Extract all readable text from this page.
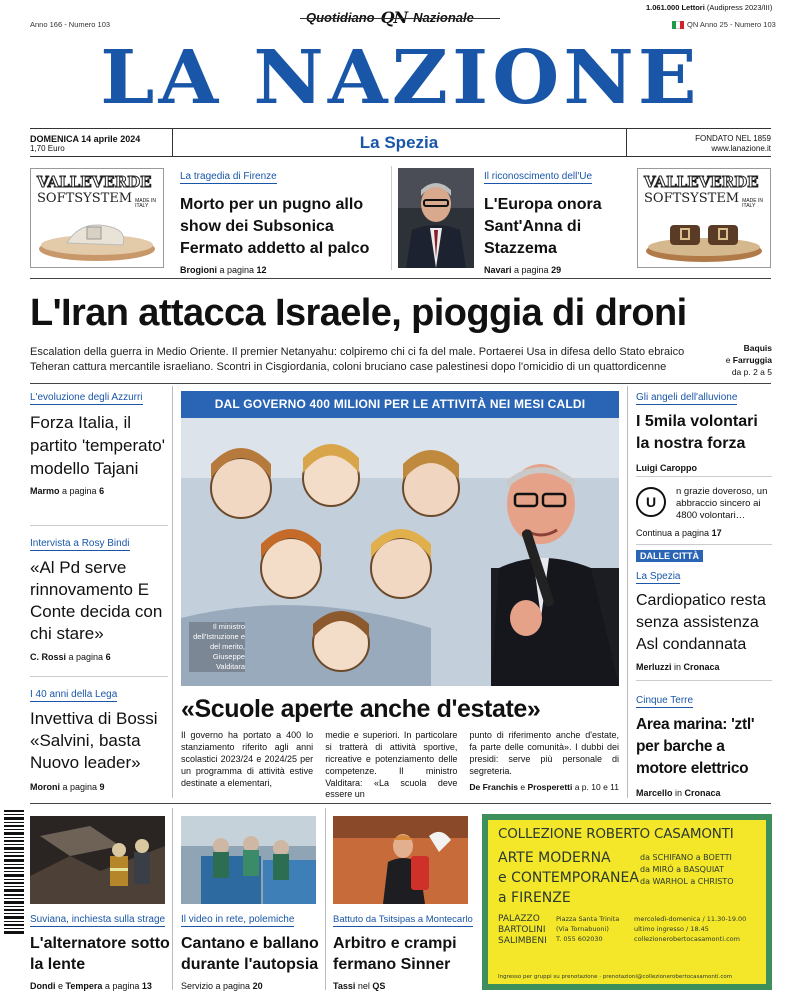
Anno 166 - Numero 103	Quotidiano QN Nazionale
1.061.000 Lettori (Audipress 2023/III)
QN Anno 25 - Numero 103
LA NAZIONE
DOMENICA 14 aprile 2024
1,70 Euro	La Spezia	FONDATO NEL 1859
www.lanazione.it
VALLEVERDE
SOFTSYSTEM MADE IN ITALY
La tragedia di Firenze
Morto per un pugno allo show dei Subsonica Fermato addetto al palco
Brogioni a pagina 12
Il riconoscimento dell'Ue
L'Europa onora Sant'Anna di Stazzema
Navari a pagina 29
VALLEVERDE
SOFTSYSTEM MADE IN ITALY
L'Iran attacca Israele, pioggia di droni
Escalation della guerra in Medio Oriente. Il premier Netanyahu: colpiremo chi ci fa del male. Portaerei Usa in difesa dello Stato ebraico Teheran cattura mercantile israeliano. Scontri in Cisgiordania, coloni bruciano case palestinesi dopo l'omicidio di un quattordicenne
Baquis
e Farruggia
da p. 2 a 5
L'evoluzione degli Azzurri
Forza Italia, il partito 'temperato' modello Tajani
Marmo a pagina 6
Intervista a Rosy Bindi
«Al Pd serve rinnovamento E Conte decida con chi stare»
C. Rossi a pagina 6
I 40 anni della Lega
Invettiva di Bossi «Salvini, basta Nuovo leader»
Moroni a pagina 9
DAL GOVERNO 400 MILIONI PER LE ATTIVITÀ NEI MESI CALDI
Il ministro dell'Istruzione e del merito, Giuseppe Valditara
«Scuole aperte anche d'estate»

Il governo ha portato a 400 lo stanziamento riferito agli anni scolastici 2023/24 e 2024/25 per un programma di attività estive destinate a elementari,

medie e superiori. In particolare si tratterà di attività sportive, ricreative e potenziamento delle competenze. Il ministro Valditara: «La scuola deve essere un

punto di riferimento anche d'estate, fa parte delle comunità». I dubbi dei presidi: serve più personale di segreteria.

De Franchis e Prosperetti a p. 10 e 11
Gli angeli dell'alluvione
I 5mila volontari la nostra forza
Luigi Caroppo
U
n grazie doveroso, un abbraccio sincero ai 4800 volontari…
Continua a pagina 17
DALLE CITTÀ
La Spezia
Cardiopatico resta senza assistenza Asl condannata
Merluzzi in Cronaca
Cinque Terre
Area marina: 'ztl' per barche a motore elettrico
Marcello in Cronaca
Suviana, inchiesta sulla strage
L'alternatore sotto la lente
Dondi e Tempera a pagina 13
Il video in rete, polemiche
Cantano e ballano durante l'autopsia
Servizio a pagina 20
Battuto da Tsitsipas a Montecarlo
Arbitro e crampi fermano Sinner
Tassi nel QS
COLLEZIONE ROBERTO CASAMONTI
ARTE MODERNA
e CONTEMPORANEA
a FIRENZE
da SCHIFANO a BOETTI
da MIRÓ a BASQUIAT
da WARHOL a CHRISTO
PALAZZO
BARTOLINI
SALIMBENI
Piazza Santa Trinita
(Via Tornabuoni)
T. 055 602030
mercoledì-domenica / 11.30-19.00
ultimo ingresso / 18.45
collezionerobertocasamonti.com
Ingresso per gruppi su prenotazione · prenotazioni@collezionerobertocasamonti.com
